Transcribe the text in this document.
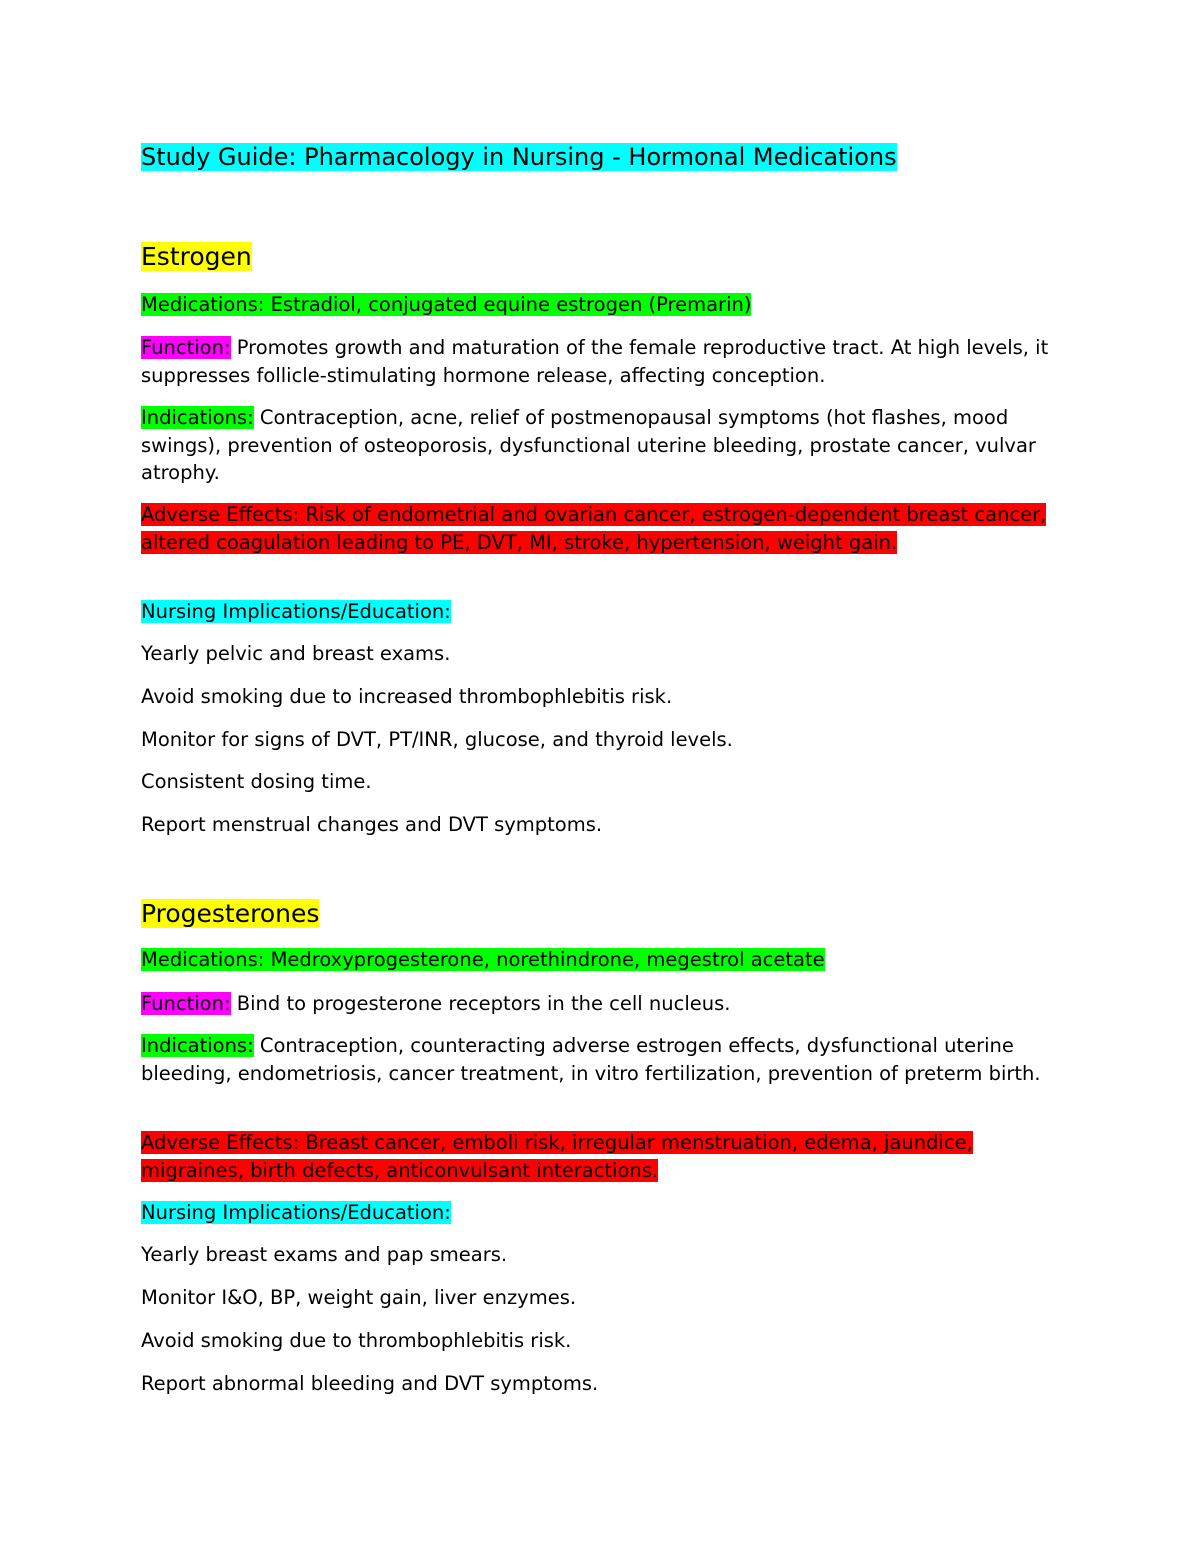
Study Guide: Pharmacology in Nursing - Hormonal Medications
Estrogen
Medications: Estradiol, conjugated equine estrogen (Premarin)
Function: Promotes growth and maturation of the female reproductive tract. At high levels, it suppresses follicle-stimulating hormone release, affecting conception.
Indications: Contraception, acne, relief of postmenopausal symptoms (hot flashes, mood swings), prevention of osteoporosis, dysfunctional uterine bleeding, prostate cancer, vulvar atrophy.
Adverse Effects: Risk of endometrial and ovarian cancer, estrogen-dependent breast cancer, altered coagulation leading to PE, DVT, MI, stroke, hypertension, weight gain.
Nursing Implications/Education:
Yearly pelvic and breast exams.
Avoid smoking due to increased thrombophlebitis risk.
Monitor for signs of DVT, PT/INR, glucose, and thyroid levels.
Consistent dosing time.
Report menstrual changes and DVT symptoms.
Progesterones
Medications: Medroxyprogesterone, norethindrone, megestrol acetate
Function: Bind to progesterone receptors in the cell nucleus.
Indications: Contraception, counteracting adverse estrogen effects, dysfunctional uterine bleeding, endometriosis, cancer treatment, in vitro fertilization, prevention of preterm birth.
Adverse Effects: Breast cancer, emboli risk, irregular menstruation, edema, jaundice, migraines, birth defects, anticonvulsant interactions.
Nursing Implications/Education:
Yearly breast exams and pap smears.
Monitor I&O, BP, weight gain, liver enzymes.
Avoid smoking due to thrombophlebitis risk.
Report abnormal bleeding and DVT symptoms.
